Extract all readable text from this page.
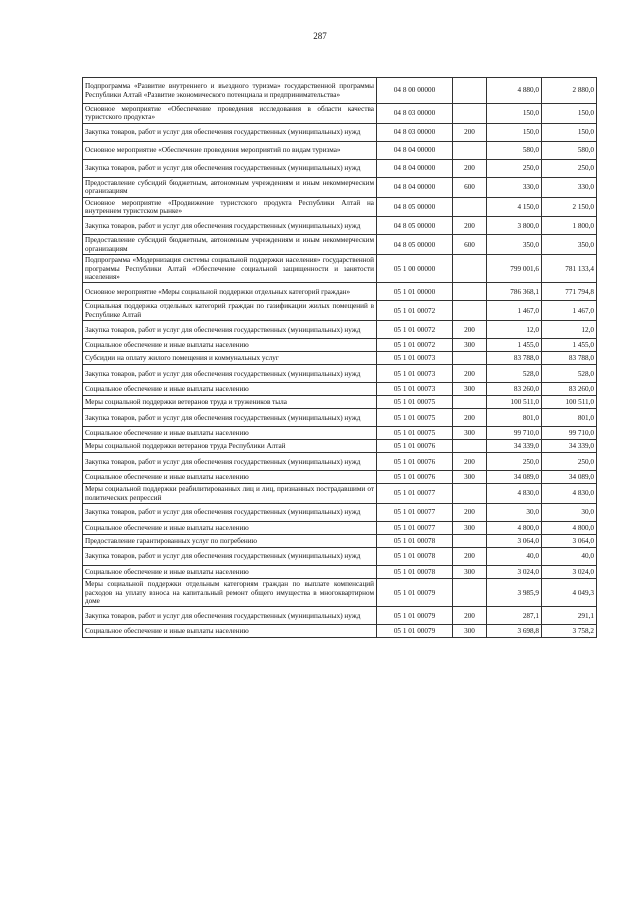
287
Подпрограмма «Развитие внутреннего и въездного туризма» государственной программы Республики Алтай «Развитие экономического потенциала и предпринимательства»	04 8 00 00000		4 880,0	2 880,0
Основное мероприятие «Обеспечение проведения исследования в области качества туристского продукта»	04 8 03 00000		150,0	150,0
Закупка товаров, работ и услуг для обеспечения государственных (муниципальных) нужд	04 8 03 00000	200	150,0	150,0
Основное мероприятие «Обеспечение проведения мероприятий по видам туризма»	04 8 04 00000		580,0	580,0
Закупка товаров, работ и услуг для обеспечения государственных (муниципальных) нужд	04 8 04 00000	200	250,0	250,0
Предоставление субсидий бюджетным, автономным учреждениям и иным некоммерческим организациям	04 8 04 00000	600	330,0	330,0
Основное мероприятие «Продвижение туристского продукта Республики Алтай на внутреннем туристском рынке»	04 8 05 00000		4 150,0	2 150,0
Закупка товаров, работ и услуг для обеспечения государственных (муниципальных) нужд	04 8 05 00000	200	3 800,0	1 800,0
Предоставление субсидий бюджетным, автономным учреждениям и иным некоммерческим организациям	04 8 05 00000	600	350,0	350,0
Подпрограмма «Модернизация системы социальной поддержки населения» государственной программы Республики Алтай «Обеспечение социальной защищенности и занятости населения»	05 1 00 00000		799 001,6	781 133,4
Основное мероприятие «Меры социальной поддержки отдельных категорий граждан»	05 1 01 00000		786 368,1	771 794,8
Социальная поддержка отдельных категорий граждан по газификации жилых помещений в Республике Алтай	05 1 01 00072		1 467,0	1 467,0
Закупка товаров, работ и услуг для обеспечения государственных (муниципальных) нужд	05 1 01 00072	200	12,0	12,0
Социальное обеспечение и иные выплаты населению	05 1 01 00072	300	1 455,0	1 455,0
Субсидии на оплату жилого помещения и коммунальных услуг	05 1 01 00073		83 788,0	83 788,0
Закупка товаров, работ и услуг для обеспечения государственных (муниципальных) нужд	05 1 01 00073	200	528,0	528,0
Социальное обеспечение и иные выплаты населению	05 1 01 00073	300	83 260,0	83 260,0
Меры социальной поддержки ветеранов труда и тружеников тыла	05 1 01 00075		100 511,0	100 511,0
Закупка товаров, работ и услуг для обеспечения государственных (муниципальных) нужд	05 1 01 00075	200	801,0	801,0
Социальное обеспечение и иные выплаты населению	05 1 01 00075	300	99 710,0	99 710,0
Меры социальной поддержки ветеранов труда Республики Алтай	05 1 01 00076		34 339,0	34 339,0
Закупка товаров, работ и услуг для обеспечения государственных (муниципальных) нужд	05 1 01 00076	200	250,0	250,0
Социальное обеспечение и иные выплаты населению	05 1 01 00076	300	34 089,0	34 089,0
Меры социальной поддержки реабилитированных лиц и лиц, признанных пострадавшими от политических репрессий	05 1 01 00077		4 830,0	4 830,0
Закупка товаров, работ и услуг для обеспечения государственных (муниципальных) нужд	05 1 01 00077	200	30,0	30,0
Социальное обеспечение и иные выплаты населению	05 1 01 00077	300	4 800,0	4 800,0
Предоставление гарантированных услуг по погребению	05 1 01 00078		3 064,0	3 064,0
Закупка товаров, работ и услуг для обеспечения государственных (муниципальных) нужд	05 1 01 00078	200	40,0	40,0
Социальное обеспечение и иные выплаты населению	05 1 01 00078	300	3 024,0	3 024,0
Меры социальной поддержки отдельным категориям граждан по выплате компенсаций расходов на уплату взноса на капитальный ремонт общего имущества в многоквартирном доме	05 1 01 00079		3 985,9	4 049,3
Закупка товаров, работ и услуг для обеспечения государственных (муниципальных) нужд	05 1 01 00079	200	287,1	291,1
Социальное обеспечение и иные выплаты населению	05 1 01 00079	300	3 698,8	3 758,2
